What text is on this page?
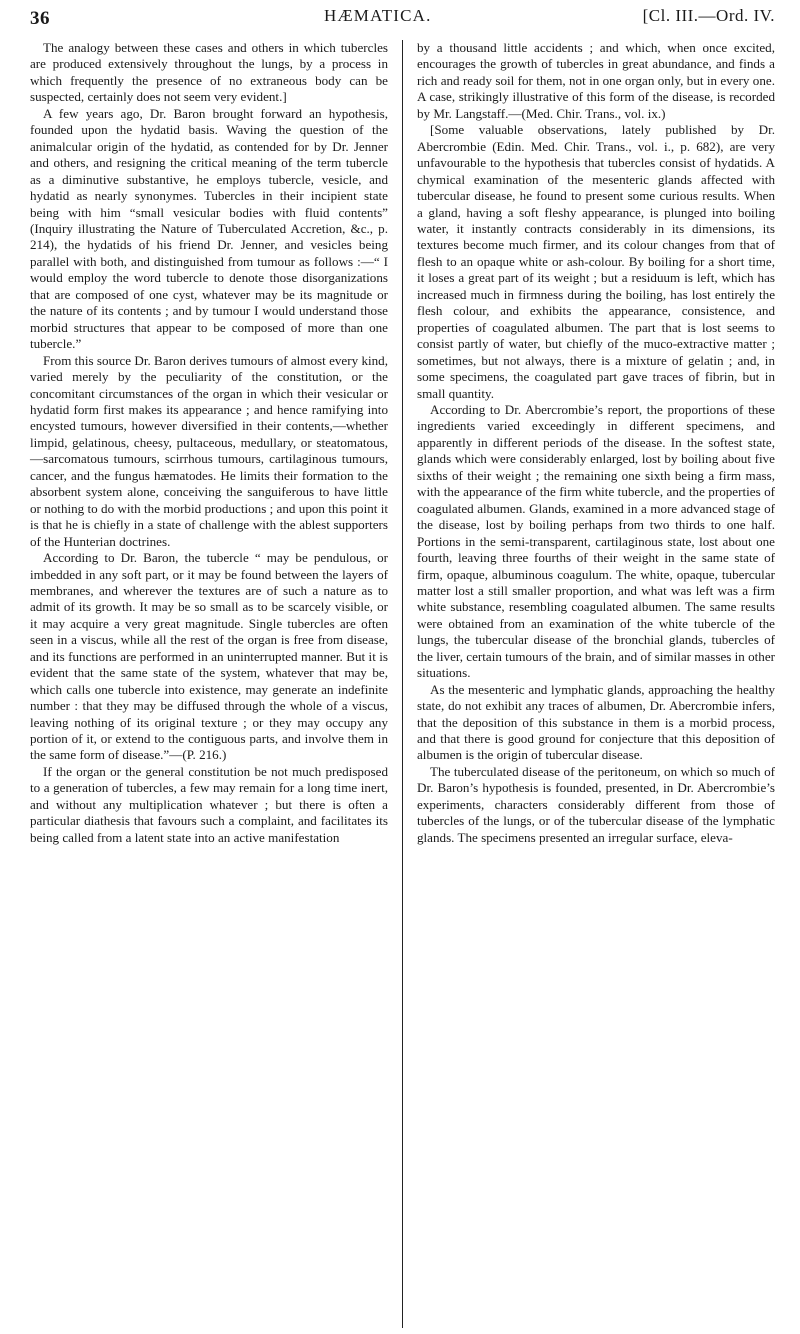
36	HÆMATICA.	[Cl. III.—Ord. IV.

The analogy between these cases and others in which tubercles are produced extensively throughout the lungs, by a process in which frequently the presence of no extraneous body can be suspected, certainly does not seem very evident.]

A few years ago, Dr. Baron brought forward an hypothesis, founded upon the hydatid basis. Waving the question of the animalcular origin of the hydatid, as contended for by Dr. Jenner and others, and resigning the critical meaning of the term tubercle as a diminutive substantive, he employs tubercle, vesicle, and hydatid as nearly synonymes. Tubercles in their incipient state being with him “small vesicular bodies with fluid contents” (Inquiry illustrating the Nature of Tuberculated Accretion, &c., p. 214), the hydatids of his friend Dr. Jenner, and vesicles being parallel with both, and distinguished from tumour as follows :—“ I would employ the word tubercle to denote those disorganizations that are composed of one cyst, whatever may be its magnitude or the nature of its contents ; and by tumour I would understand those morbid structures that appear to be composed of more than one tubercle.”

From this source Dr. Baron derives tumours of almost every kind, varied merely by the peculiarity of the constitution, or the concomitant circumstances of the organ in which their vesicular or hydatid form first makes its appearance ; and hence ramifying into encysted tumours, however diversified in their contents,—whether limpid, gelatinous, cheesy, pultaceous, medullary, or steatomatous,—sarcomatous tumours, scirrhous tumours, cartilaginous tumours, cancer, and the fungus hæmatodes. He limits their formation to the absorbent system alone, conceiving the sanguiferous to have little or nothing to do with the morbid productions ; and upon this point it is that he is chiefly in a state of challenge with the ablest supporters of the Hunterian doctrines.

According to Dr. Baron, the tubercle “ may be pendulous, or imbedded in any soft part, or it may be found between the layers of membranes, and wherever the textures are of such a nature as to admit of its growth. It may be so small as to be scarcely visible, or it may acquire a very great magnitude. Single tubercles are often seen in a viscus, while all the rest of the organ is free from disease, and its functions are performed in an uninterrupted manner. But it is evident that the same state of the system, whatever that may be, which calls one tubercle into existence, may generate an indefinite number : that they may be diffused through the whole of a viscus, leaving nothing of its original texture ; or they may occupy any portion of it, or extend to the contiguous parts, and involve them in the same form of disease.”—(P. 216.)

If the organ or the general constitution be not much predisposed to a generation of tubercles, a few may remain for a long time inert, and without any multiplication whatever ; but there is often a particular diathesis that favours such a complaint, and facilitates its being called from a latent state into an active manifestation

by a thousand little accidents ; and which, when once excited, encourages the growth of tubercles in great abundance, and finds a rich and ready soil for them, not in one organ only, but in every one. A case, strikingly illustrative of this form of the disease, is recorded by Mr. Langstaff.—(Med. Chir. Trans., vol. ix.)

[Some valuable observations, lately published by Dr. Abercrombie (Edin. Med. Chir. Trans., vol. i., p. 682), are very unfavourable to the hypothesis that tubercles consist of hydatids. A chymical examination of the mesenteric glands affected with tubercular disease, he found to present some curious results. When a gland, having a soft fleshy appearance, is plunged into boiling water, it instantly contracts considerably in its dimensions, its textures become much firmer, and its colour changes from that of flesh to an opaque white or ash-colour. By boiling for a short time, it loses a great part of its weight ; but a residuum is left, which has increased much in firmness during the boiling, has lost entirely the flesh colour, and exhibits the appearance, consistence, and properties of coagulated albumen. The part that is lost seems to consist partly of water, but chiefly of the muco-extractive matter ; sometimes, but not always, there is a mixture of gelatin ; and, in some specimens, the coagulated part gave traces of fibrin, but in small quantity.

According to Dr. Abercrombie’s report, the proportions of these ingredients varied exceedingly in different specimens, and apparently in different periods of the disease. In the softest state, glands which were considerably enlarged, lost by boiling about five sixths of their weight ; the remaining one sixth being a firm mass, with the appearance of the firm white tubercle, and the properties of coagulated albumen. Glands, examined in a more advanced stage of the disease, lost by boiling perhaps from two thirds to one half. Portions in the semi-transparent, cartilaginous state, lost about one fourth, leaving three fourths of their weight in the same state of firm, opaque, albuminous coagulum. The white, opaque, tubercular matter lost a still smaller proportion, and what was left was a firm white substance, resembling coagulated albumen. The same results were obtained from an examination of the white tubercle of the lungs, the tubercular disease of the bronchial glands, tubercles of the liver, certain tumours of the brain, and of similar masses in other situations.

As the mesenteric and lymphatic glands, approaching the healthy state, do not exhibit any traces of albumen, Dr. Abercrombie infers, that the deposition of this substance in them is a morbid process, and that there is good ground for conjecture that this deposition of albumen is the origin of tubercular disease.

The tuberculated disease of the peritoneum, on which so much of Dr. Baron’s hypothesis is founded, presented, in Dr. Abercrombie’s experiments, characters considerably different from those of tubercles of the lungs, or of the tubercular disease of the lymphatic glands. The specimens presented an irregular surface, eleva-
